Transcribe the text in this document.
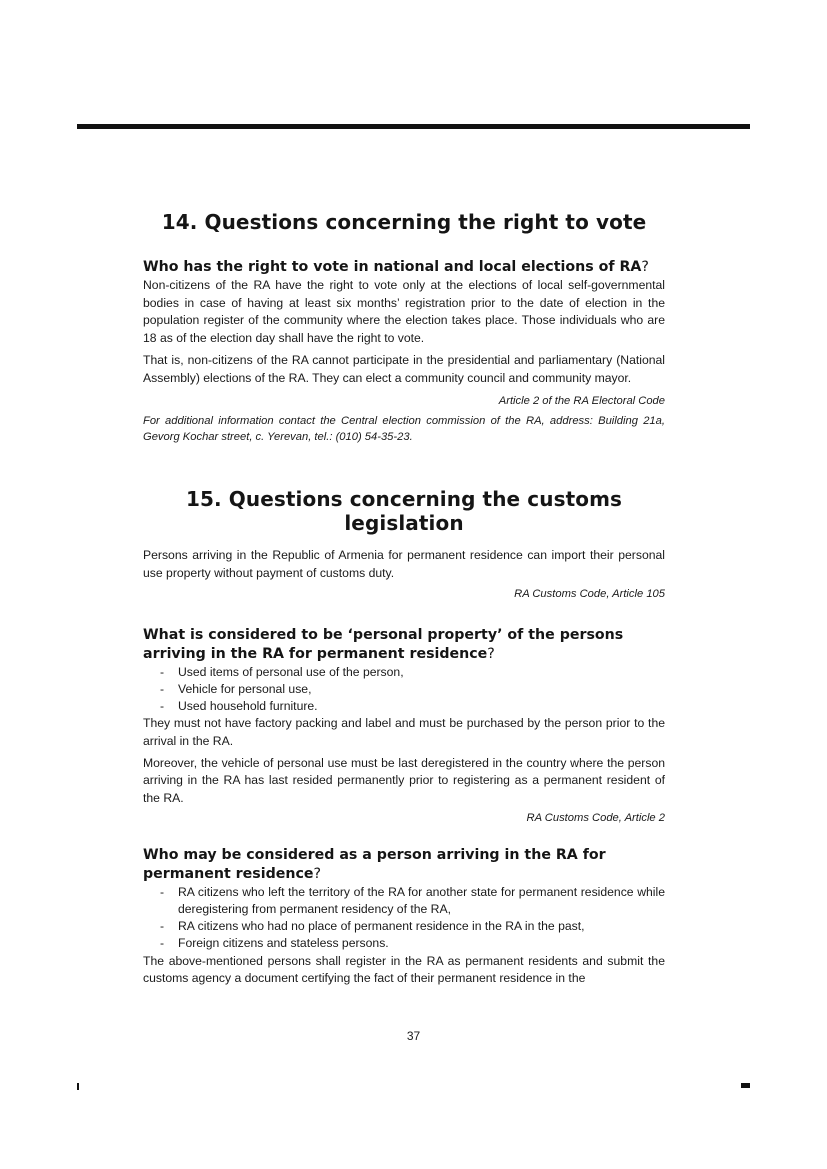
14. Questions concerning the right to vote
Who has the right to vote in national and local elections of RA?

Non-citizens of the RA have the right to vote only at the elections of local self-governmental bodies in case of having at least six months’ registration prior to the date of election in the population register of the community where the election takes place. Those individuals who are 18 as of the election day shall have the right to vote.

That is, non-citizens of the RA cannot participate in the presidential and parliamentary (National Assembly) elections of the RA. They can elect a community council and community mayor.

Article 2 of the RA Electoral Code

For additional information contact the Central election commission of the RA, address: Building 21a, Gevorg Kochar street, c. Yerevan, tel.: (010) 54-35-23.

15. Questions concerning the customs legislation

Persons arriving in the Republic of Armenia for permanent residence can import their personal use property without payment of customs duty.

RA Customs Code, Article 105

What is considered to be ‘personal property’ of the persons arriving in the RA for permanent residence?
- Used items of personal use of the person,
- Vehicle for personal use,
- Used household furniture.

They must not have factory packing and label and must be purchased by the person prior to the arrival in the RA.

Moreover, the vehicle of personal use must be last deregistered in the country where the person arriving in the RA has last resided permanently prior to registering as a permanent resident of the RA.

RA Customs Code, Article 2

Who may be considered as a person arriving in the RA for permanent residence?
- RA citizens who left the territory of the RA for another state for permanent residence while deregistering from permanent residency of the RA,
- RA citizens who had no place of permanent residence in the RA in the past,
- Foreign citizens and stateless persons.

The above-mentioned persons shall register in the RA as permanent residents and submit the customs agency a document certifying the fact of their permanent residence in the

37
